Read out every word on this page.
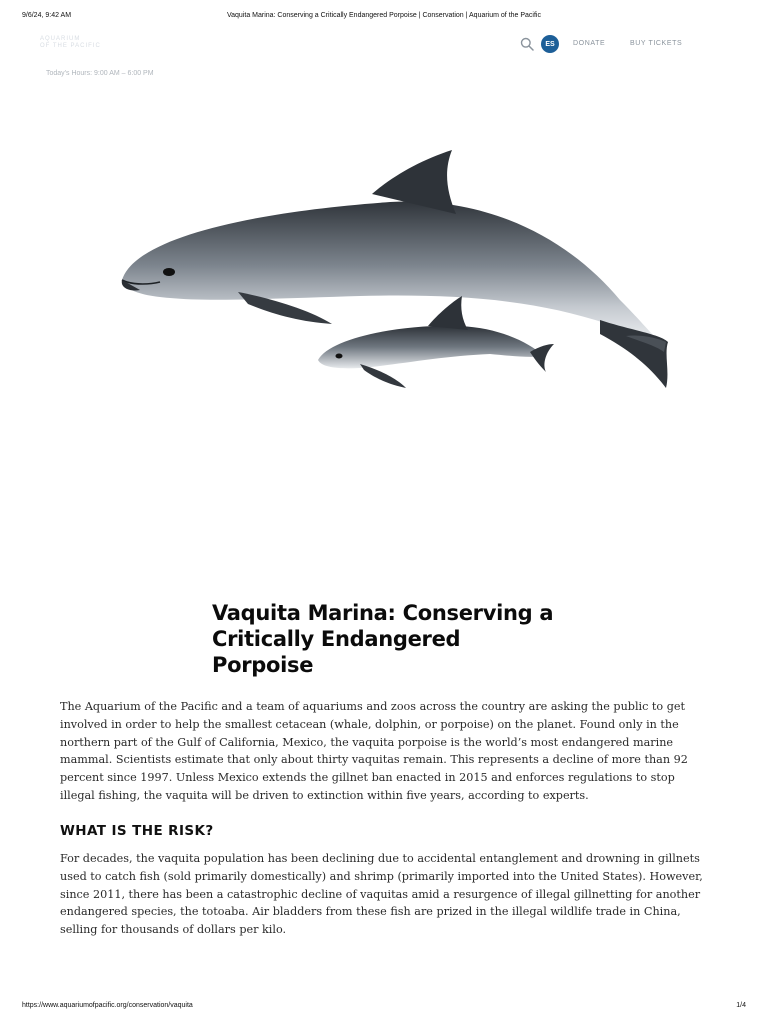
9/6/24, 9:42 AM	Vaquita Marina: Conserving a Critically Endangered Porpoise | Conservation | Aquarium of the Pacific
AQUARIUM
OF THE PACIFIC	ES	DONATE	BUY TICKETS
Today's Hours: 9:00 AM – 6:00 PM
Vaquita Marina: Conserving a Critically Endangered Porpoise

The Aquarium of the Pacific and a team of aquariums and zoos across the country are asking the public to get involved in order to help the smallest cetacean (whale, dolphin, or porpoise) on the planet. Found only in the northern part of the Gulf of California, Mexico, the vaquita porpoise is the world’s most endangered marine mammal. Scientists estimate that only about thirty vaquitas remain. This represents a decline of more than 92 percent since 1997. Unless Mexico extends the gillnet ban enacted in 2015 and enforces regulations to stop illegal fishing, the vaquita will be driven to extinction within five years, according to experts.

WHAT IS THE RISK?

For decades, the vaquita population has been declining due to accidental entanglement and drowning in gillnets used to catch fish (sold primarily domestically) and shrimp (primarily imported into the United States). However, since 2011, there has been a catastrophic decline of vaquitas amid a resurgence of illegal gillnetting for another endangered species, the totoaba. Air bladders from these fish are prized in the illegal wildlife trade in China, selling for thousands of dollars per kilo.

https://www.aquariumofpacific.org/conservation/vaquita	1/4
